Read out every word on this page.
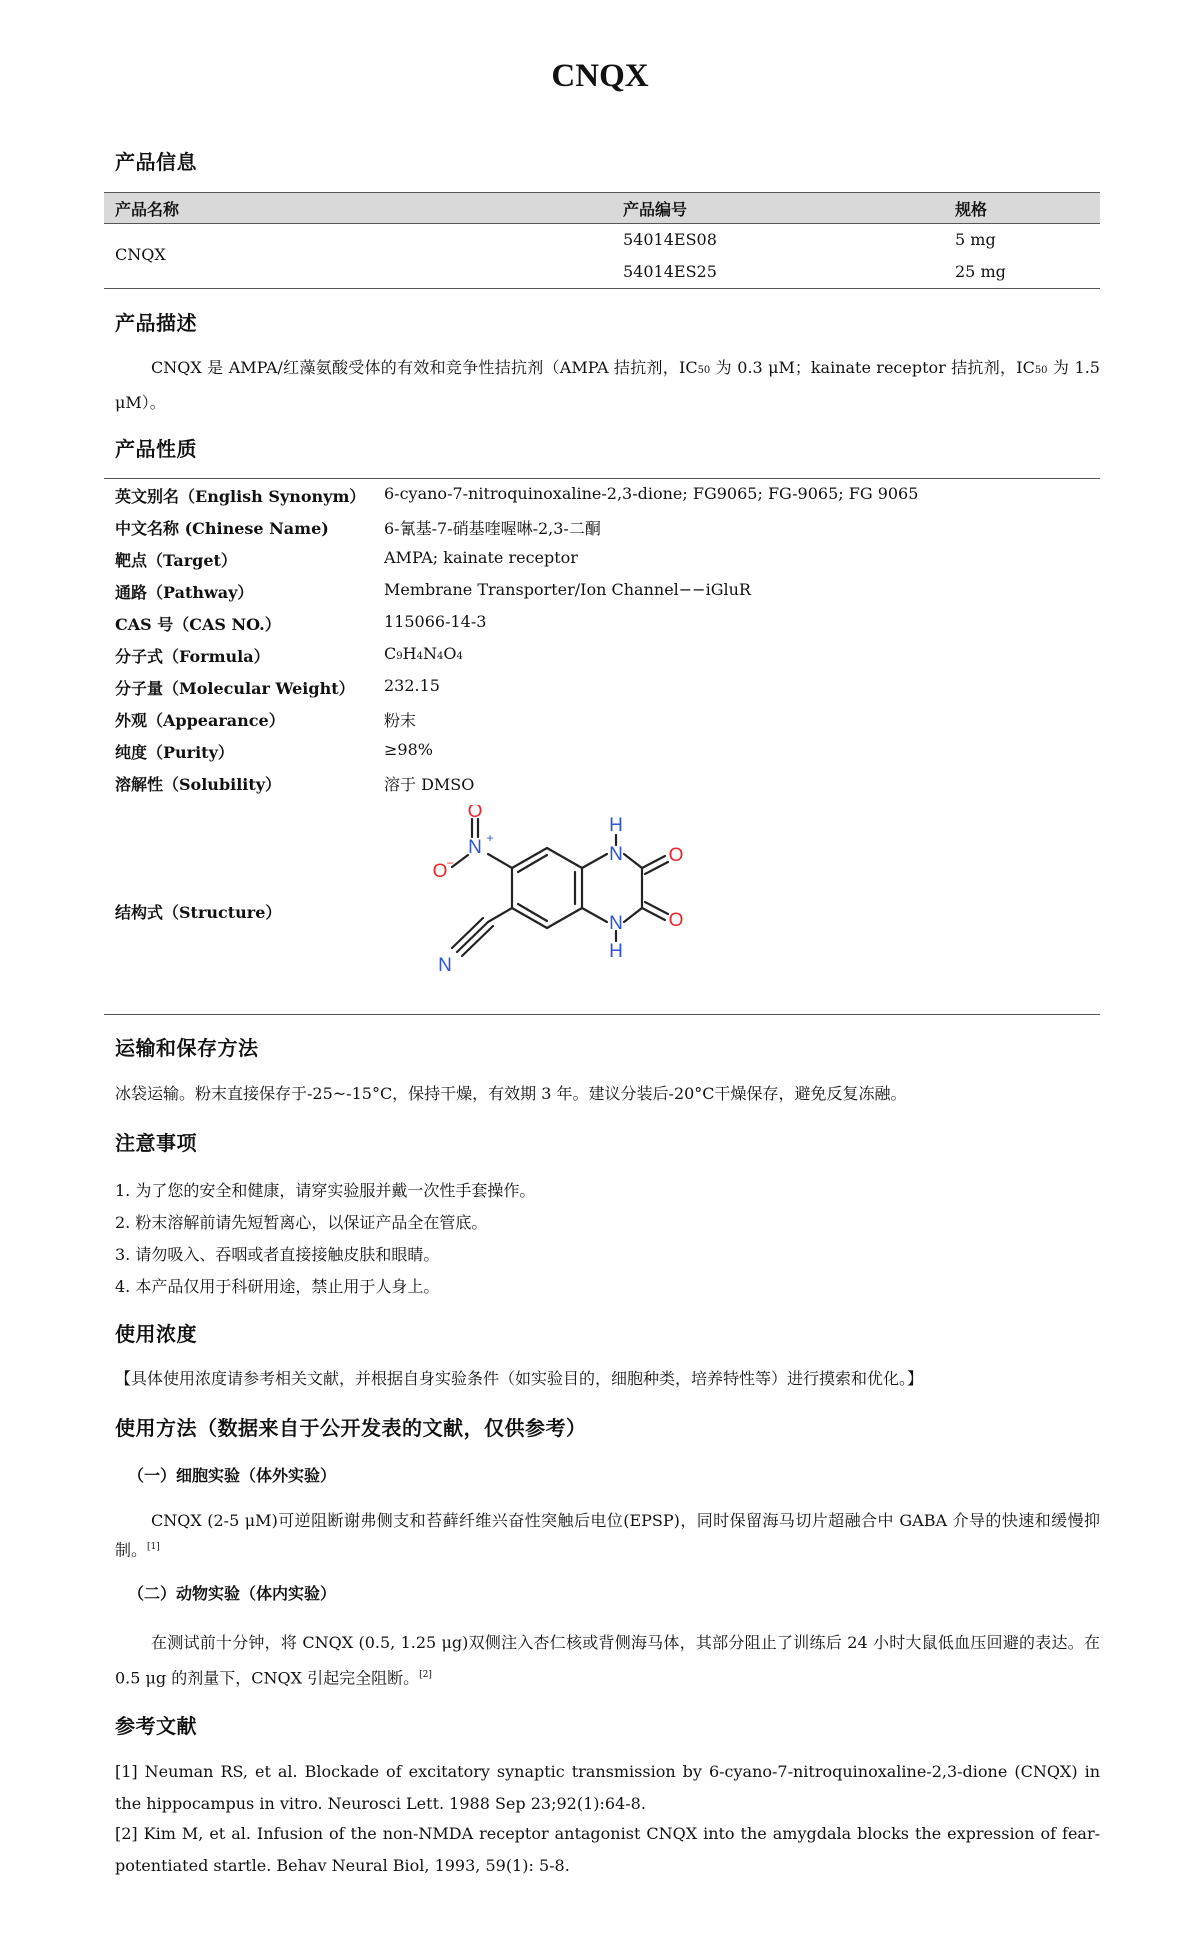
CNQX
产品信息
产品名称	产品编号	规格
CNQX
54014ES08	5 mg
54014ES25	25 mg
产品描述

CNQX 是 AMPA/红藻氨酸受体的有效和竞争性拮抗剂（AMPA 拮抗剂，IC50 为 0.3 μM；kainate receptor 拮抗剂，IC50 为 1.5 μM）。

产品性质
英文别名（English Synonym） 6-cyano-7-nitroquinoxaline-2,3-dione; FG9065; FG-9065; FG 9065
中文名称 (Chinese Name)	6-氰基-7-硝基喹喔啉-2,3-二酮
靶点（Target）	AMPA; kainate receptor
通路（Pathway）	Membrane Transporter/Ion Channel−−iGluR
CAS 号（CAS NO.）	115066-14-3
分子式（Formula）	C9H4N4O4
分子量（Molecular Weight） 232.15
外观（Appearance）	粉末
纯度（Purity）	≥98%
溶解性（Solubility）	溶于 DMSO
结构式（Structure）
O
N +
O −
H
N O
O
N
H
N
运输和保存方法

冰袋运输。粉末直接保存于-25~-15°C，保持干燥，有效期 3 年。建议分装后-20°C干燥保存，避免反复冻融。

注意事项
1. 为了您的安全和健康，请穿实验服并戴一次性手套操作。
2. 粉末溶解前请先短暂离心，以保证产品全在管底。
3. 请勿吸入、吞咽或者直接接触皮肤和眼睛。
4. 本产品仅用于科研用途，禁止用于人身上。
使用浓度

【具体使用浓度请参考相关文献，并根据自身实验条件（如实验目的，细胞种类，培养特性等）进行摸索和优化。】

使用方法（数据来自于公开发表的文献，仅供参考）
（一）细胞实验（体外实验）

CNQX (2-5 μM)可逆阻断谢弗侧支和苔藓纤维兴奋性突触后电位(EPSP)，同时保留海马切片超融合中 GABA 介导的快速和缓慢抑制。[1]

（二）动物实验（体内实验）

在测试前十分钟，将 CNQX (0.5, 1.25 μg)双侧注入杏仁核或背侧海马体，其部分阻止了训练后 24 小时大鼠低血压回避的表达。在 0.5 μg 的剂量下，CNQX 引起完全阻断。[2]

参考文献

[1] Neuman RS, et al. Blockade of excitatory synaptic transmission by 6-cyano-7-nitroquinoxaline-2,3-dione (CNQX) in the hippocampus in vitro. Neurosci Lett. 1988 Sep 23;92(1):64-8.

[2] Kim M, et al. Infusion of the non-NMDA receptor antagonist CNQX into the amygdala blocks the expression of fear-potentiated startle. Behav Neural Biol, 1993, 59(1): 5-8.
